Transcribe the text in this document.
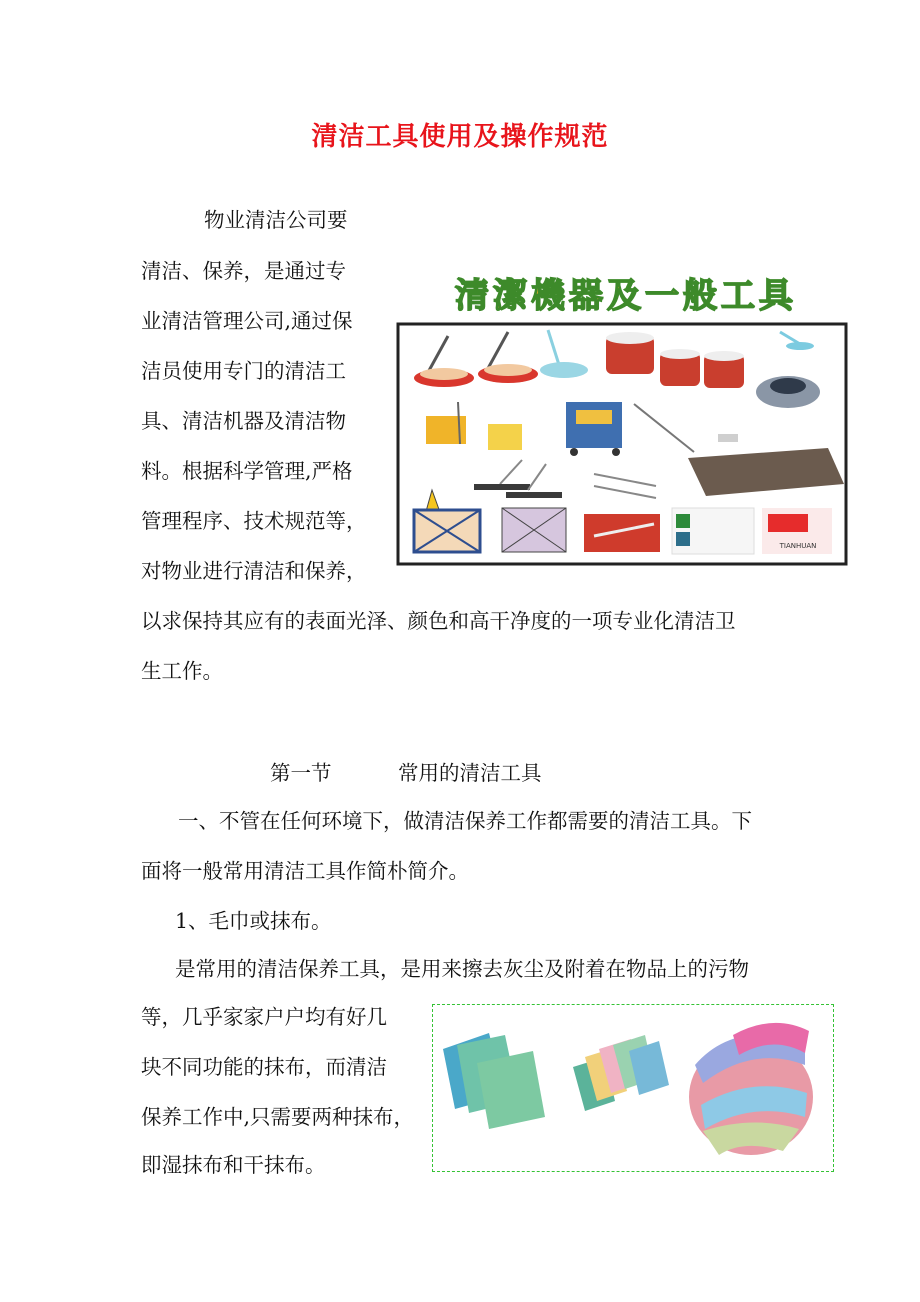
清洁工具使用及操作规范
物业清洁公司要
清洁、保养，是通过专
业清洁管理公司,通过保
洁员使用专门的清洁工
具、清洁机器及清洁物
料。根据科学管理,严格
管理程序、技术规范等，
对物业进行清洁和保养，
以求保持其应有的表面光泽、颜色和高干净度的一项专业化清洁卫
生工作。
清潔機器及一般工具
TIANHUAN
第一节	常用的清洁工具
一、不管在任何环境下，做清洁保养工作都需要的清洁工具。下
面将一般常用清洁工具作简朴简介。
1、毛巾或抹布。
是常用的清洁保养工具，是用来擦去灰尘及附着在物品上的污物
等，几乎家家户户均有好几
块不同功能的抹布，而清洁
保养工作中,只需要两种抹布，
即湿抹布和干抹布。
